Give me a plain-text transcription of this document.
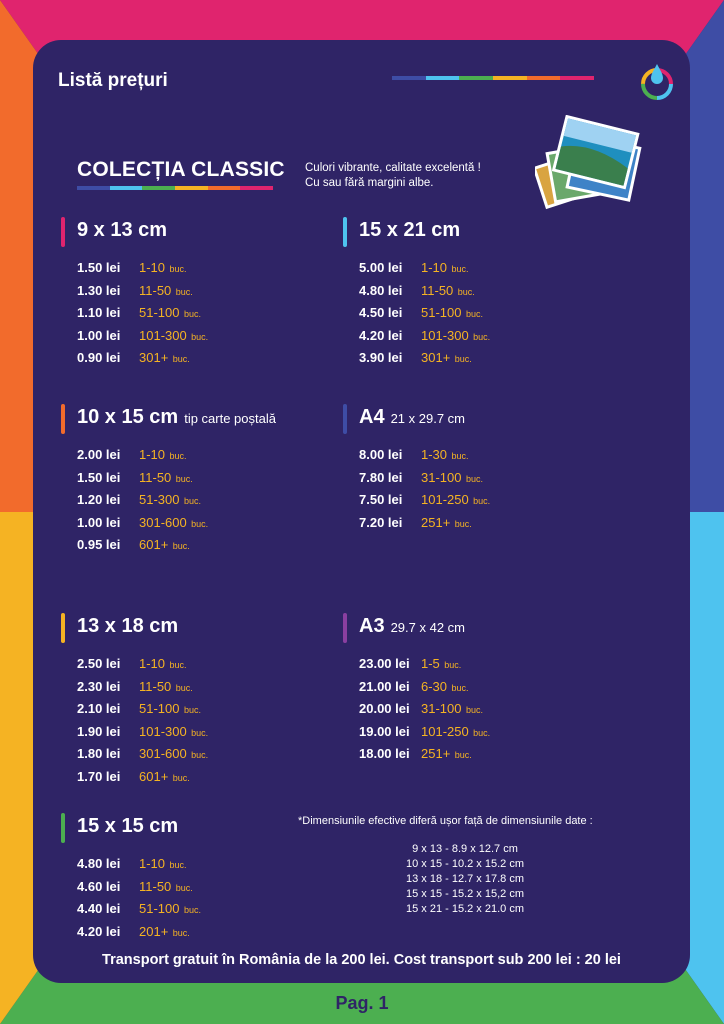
Listă prețuri
COLECȚIA CLASSIC Culori vibrante, calitate excelentă !
Cu sau fără margini albe.
9 x 13 cm
1.50 lei 1-10 buc.
1.30 lei 11-50 buc.
1.10 lei 51-100 buc.
1.00 lei 101-300 buc.
0.90 lei 301+ buc.
15 x 21 cm
5.00 lei 1-10 buc.
4.80 lei 11-50 buc.
4.50 lei 51-100 buc.
4.20 lei 101-300 buc.
3.90 lei 301+ buc.
10 x 15 cm tip carte poștală
2.00 lei 1-10 buc.
1.50 lei 11-50 buc.
1.20 lei 51-300 buc.
1.00 lei 301-600 buc.
0.95 lei 601+ buc.
A4 21 x 29.7 cm
8.00 lei 1-30 buc.
7.80 lei 31-100 buc.
7.50 lei 101-250 buc.
7.20 lei 251+ buc.
13 x 18 cm
2.50 lei 1-10 buc.
2.30 lei 11-50 buc.
2.10 lei 51-100 buc.
1.90 lei 101-300 buc.
1.80 lei 301-600 buc.
1.70 lei 601+ buc.
A3 29.7 x 42 cm
23.00 lei 1-5 buc.
21.00 lei 6-30 buc.
20.00 lei 31-100 buc.
19.00 lei 101-250 buc.
18.00 lei 251+ buc.
15 x 15 cm
4.80 lei 1-10 buc.
4.60 lei 11-50 buc.
4.40 lei 51-100 buc.
4.20 lei 201+ buc.
*Dimensiunile efective diferă ușor față de dimensiunile date :
9 x 13 - 8.9 x 12.7 cm
10 x 15 - 10.2 x 15.2 cm
13 x 18 - 12.7 x 17.8 cm
15 x 15 - 15.2 x 15,2 cm
15 x 21 - 15.2 x 21.0 cm
Transport gratuit în România de la 200 lei. Cost transport sub 200 lei : 20 lei
Pag. 1
